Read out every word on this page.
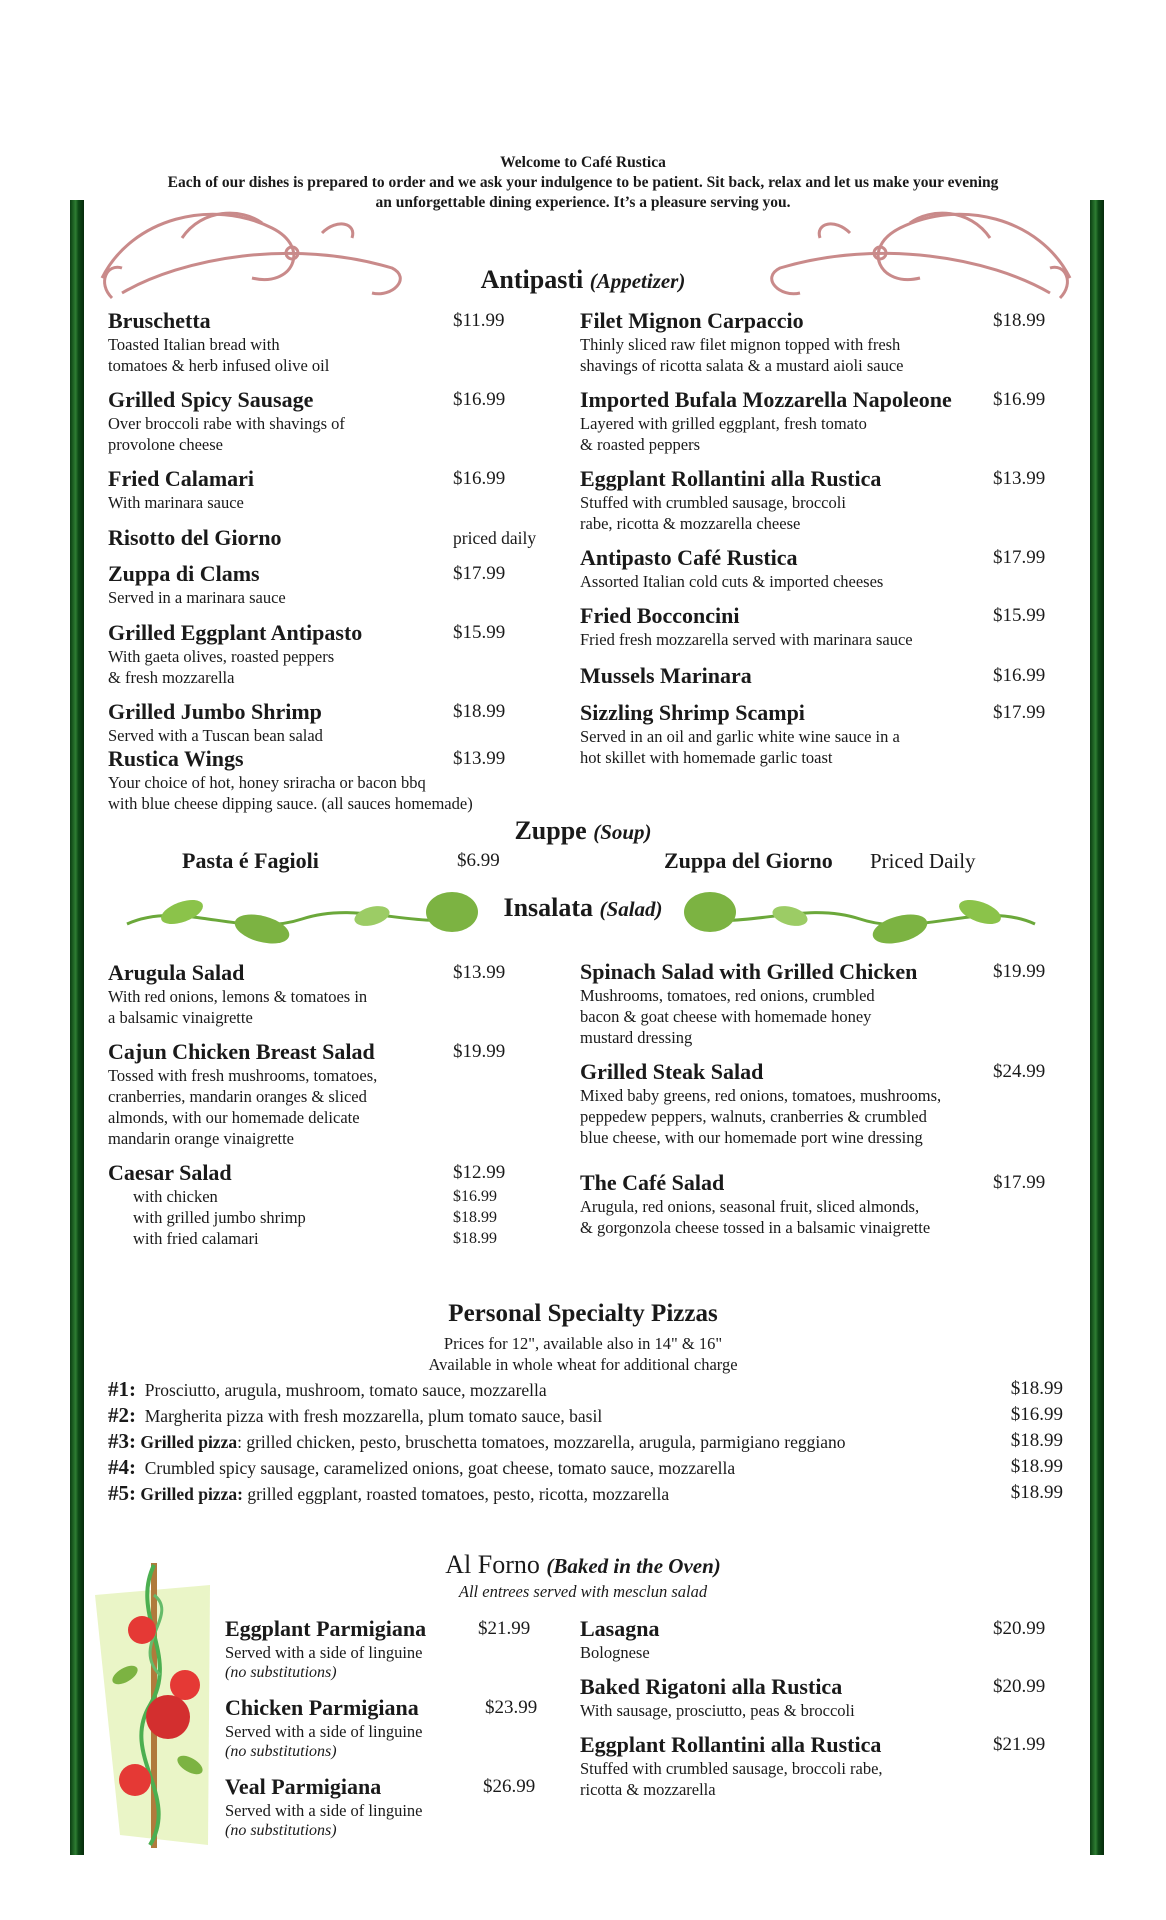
Welcome to Café Rustica
Each of our dishes is prepared to order and we ask your indulgence to be patient. Sit back, relax and let us make your evening
an unforgettable dining experience. It’s a pleasure serving you.
Antipasti (Appetizer)
Bruschetta	$11.99
Toasted Italian bread with
tomatoes & herb infused olive oil
Grilled Spicy Sausage	$16.99
Over broccoli rabe with shavings of
provolone cheese
Fried Calamari	$16.99
With marinara sauce
Risotto del Giorno	priced daily
Zuppa di Clams	$17.99
Served in a marinara sauce
Grilled Eggplant Antipasto	$15.99
With gaeta olives, roasted peppers
& fresh mozzarella
Grilled Jumbo Shrimp	$18.99
Served with a Tuscan bean salad
Rustica Wings	$13.99
Your choice of hot, honey sriracha or bacon bbq
with blue cheese dipping sauce. (all sauces homemade)
Filet Mignon Carpaccio	$18.99
Thinly sliced raw filet mignon topped with fresh
shavings of ricotta salata & a mustard aioli sauce
Imported Bufala Mozzarella Napoleone	$16.99
Layered with grilled eggplant, fresh tomato
& roasted peppers
Eggplant Rollantini alla Rustica	$13.99
Stuffed with crumbled sausage, broccoli
rabe, ricotta & mozzarella cheese
Antipasto Café Rustica	$17.99
Assorted Italian cold cuts & imported cheeses
Fried Bocconcini	$15.99
Fried fresh mozzarella served with marinara sauce
Mussels Marinara	$16.99
Sizzling Shrimp Scampi	$17.99
Served in an oil and garlic white wine sauce in a
hot skillet with homemade garlic toast
Zuppe (Soup)
Pasta é Fagioli	$6.99	Zuppa del Giorno Priced Daily
Insalata (Salad)
Arugula Salad	$13.99
With red onions, lemons & tomatoes in
a balsamic vinaigrette
Cajun Chicken Breast Salad	$19.99
Tossed with fresh mushrooms, tomatoes,
cranberries, mandarin oranges & sliced
almonds, with our homemade delicate
mandarin orange vinaigrette
Caesar Salad	$12.99
with chicken	$16.99
with grilled jumbo shrimp	$18.99
with fried calamari	$18.99
Spinach Salad with Grilled Chicken	$19.99
Mushrooms, tomatoes, red onions, crumbled
bacon & goat cheese with homemade honey
mustard dressing
Grilled Steak Salad	$24.99
Mixed baby greens, red onions, tomatoes, mushrooms,
peppedew peppers, walnuts, cranberries & crumbled
blue cheese, with our homemade port wine dressing
The Café Salad	$17.99
Arugula, red onions, seasonal fruit, sliced almonds,
& gorgonzola cheese tossed in a balsamic vinaigrette
Personal Specialty Pizzas
Prices for 12", available also in 14" & 16"
Available in whole wheat for additional charge
#1: Prosciutto, arugula, mushroom, tomato sauce, mozzarella	$18.99
#2: Margherita pizza with fresh mozzarella, plum tomato sauce, basil	$16.99
#3: Grilled pizza: grilled chicken, pesto, bruschetta tomatoes, mozzarella, arugula, parmigiano reggiano	$18.99
#4: Crumbled spicy sausage, caramelized onions, goat cheese, tomato sauce, mozzarella	$18.99
#5: Grilled pizza: grilled eggplant, roasted tomatoes, pesto, ricotta, mozzarella	$18.99
Al Forno (Baked in the Oven)
All entrees served with mesclun salad
Eggplant Parmigiana	$21.99
Served with a side of linguine
(no substitutions)
Chicken Parmigiana	$23.99
Served with a side of linguine
(no substitutions)
Veal Parmigiana	$26.99
Served with a side of linguine
(no substitutions)
Lasagna	$20.99
Bolognese
Baked Rigatoni alla Rustica	$20.99
With sausage, prosciutto, peas & broccoli
Eggplant Rollantini alla Rustica	$21.99
Stuffed with crumbled sausage, broccoli rabe,
ricotta & mozzarella
